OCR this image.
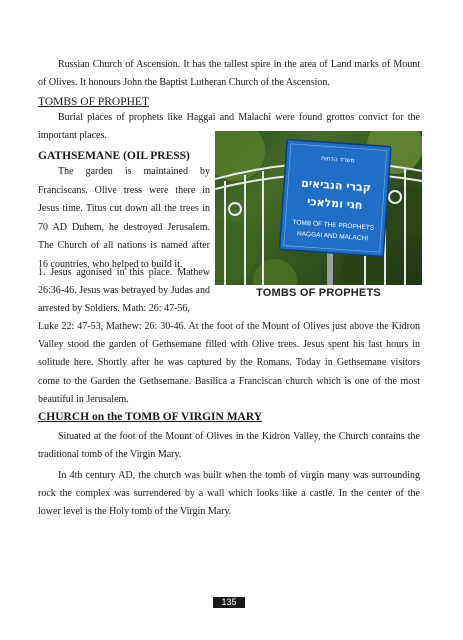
Russian Church of Ascension. It has the tallest spire in the area of Land marks of Mount of Olives. It honours John the Baptist Lutheran Church of the Ascension.

TOMBS OF PROPHET

Burial places of prophets like Haggai and Malachi were found grottos convict for the important places.

GATHSEMANE (OIL PRESS)

The garden is maintained by Franciscans. Olive tress were there in Jesus time. Titus cut down all the trees in 70 AD Duhem, he destroyed Jerusalem. The Church of all nations is named after 16 countries, who helped to build it.

1. Jesus agonised in this place. Mathew 26:36-46. Jesus was betrayed by Judas and arrested by Soldiers. Math: 26: 47-56,

Luke 22: 47-53, Mathew: 26: 30-46. At the foot of the Mount of Olives just above the Kidron Valley stood the garden of Gethsemane filled with Olive trees. Jesus spent his last hours in solitude here. Shortly after he was captured by the Romans. Today in Gethsemane visitors come to the Garden the Gethsemane. Basilica a Franciscan church which is one of the most beautiful in Jerusalem.

משרד הדתות
קברי הנביאים
חגי ומלאכי
TOMB OF THE PROPHETS
HAGGAI AND MALACHI

TOMBS OF PROPHETS

CHURCH on the TOMB OF VIRGIN MARY

Situated at the foot of the Mount of Olives in the Kidron Valley, the Church contains the traditional tomb of the Virgin Mary.

In 4th century AD, the church was built when the tomb of virgin many was surrounding rock the complex was surrendered by a wall which looks like a castle. In the center of the lower level is the Holy tomb of the Virgin Mary.

135
